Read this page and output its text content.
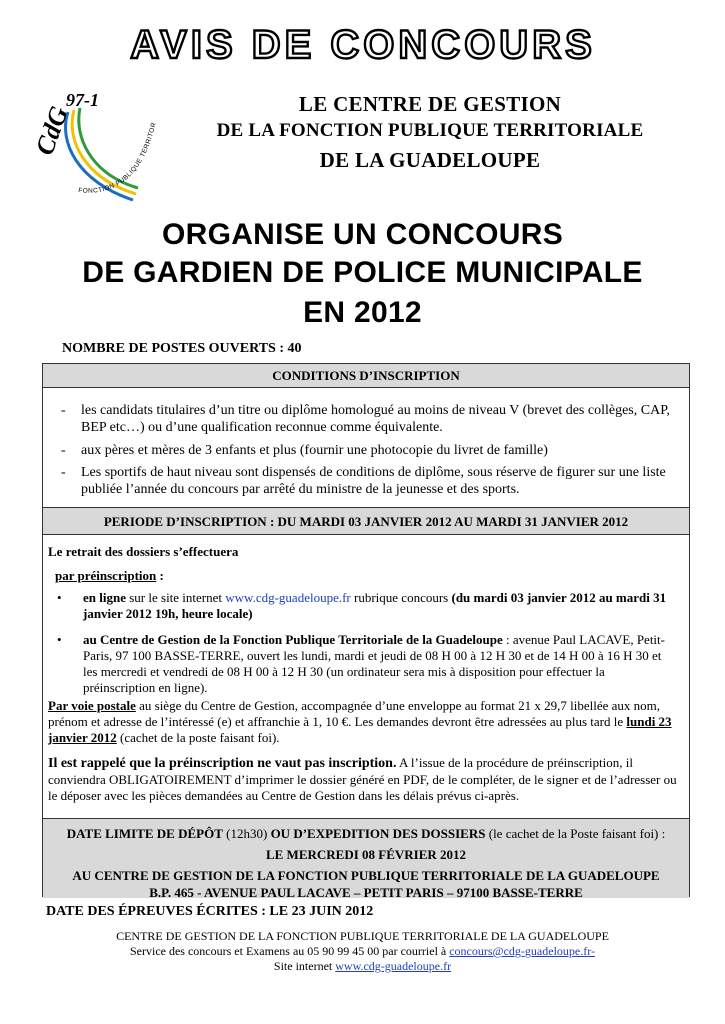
AVIS DE CONCOURS
CdG
97-1
FONCTION PUBLIQUE TERRITOR
LE CENTRE DE GESTION
DE LA FONCTION PUBLIQUE TERRITORIALE
DE LA GUADELOUPE
ORGANISE UN CONCOURS
DE GARDIEN DE POLICE MUNICIPALE
EN 2012
NOMBRE DE POSTES OUVERTS : 40
CONDITIONS D’INSCRIPTION
- les candidats titulaires d’un titre ou diplôme homologué au moins de niveau V (brevet des collèges, CAP, BEP etc…) ou d’une qualification reconnue comme équivalente.
- aux pères et mères de 3 enfants et plus (fournir une photocopie du livret de famille)
- Les sportifs de haut niveau sont dispensés de conditions de diplôme, sous réserve de figurer sur une liste publiée l’année du concours par arrêté du ministre de la jeunesse et des sports.
PERIODE D’INSCRIPTION : DU MARDI 03 JANVIER 2012 AU MARDI 31 JANVIER 2012
Le retrait des dossiers s’effectuera
par préinscription :
• en ligne sur le site internet www.cdg-guadeloupe.fr rubrique concours (du mardi 03 janvier 2012 au mardi 31 janvier 2012 19h, heure locale)
• au Centre de Gestion de la Fonction Publique Territoriale de la Guadeloupe : avenue Paul LACAVE, Petit-Paris, 97 100 BASSE-TERRE, ouvert les lundi, mardi et jeudi de 08 H 00 à 12 H 30 et de 14 H 00 à 16 H 30 et les mercredi et vendredi de 08 H 00 à 12 H 30 (un ordinateur sera mis à disposition pour effectuer la préinscription en ligne).
Par voie postale au siège du Centre de Gestion, accompagnée d’une enveloppe au format 21 x 29,7 libellée aux nom, prénom et adresse de l’intéressé (e) et affranchie à 1, 10 €. Les demandes devront être adressées au plus tard le lundi 23 janvier 2012 (cachet de la poste faisant foi).
Il est rappelé que la préinscription ne vaut pas inscription. A l’issue de la procédure de préinscription, il conviendra OBLIGATOIREMENT d’imprimer le dossier généré en PDF, de le compléter, de le signer et de l’adresser ou le déposer avec les pièces demandées au Centre de Gestion dans les délais prévus ci-après.
DATE LIMITE DE DÉPÔT (12h30) OU D’EXPEDITION DES DOSSIERS (le cachet de la Poste faisant foi) :
LE MERCREDI 08 FÉVRIER 2012
AU CENTRE DE GESTION DE LA FONCTION PUBLIQUE TERRITORIALE DE LA GUADELOUPE
B.P. 465 - AVENUE PAUL LACAVE – PETIT PARIS – 97100 BASSE-TERRE
DATE DES ÉPREUVES ÉCRITES : LE 23 JUIN 2012
CENTRE DE GESTION DE LA FONCTION PUBLIQUE TERRITORIALE DE LA GUADELOUPE
Service des concours et Examens au 05 90 99 45 00 par courriel à concours@cdg-guadeloupe.fr-
Site internet www.cdg-guadeloupe.fr
